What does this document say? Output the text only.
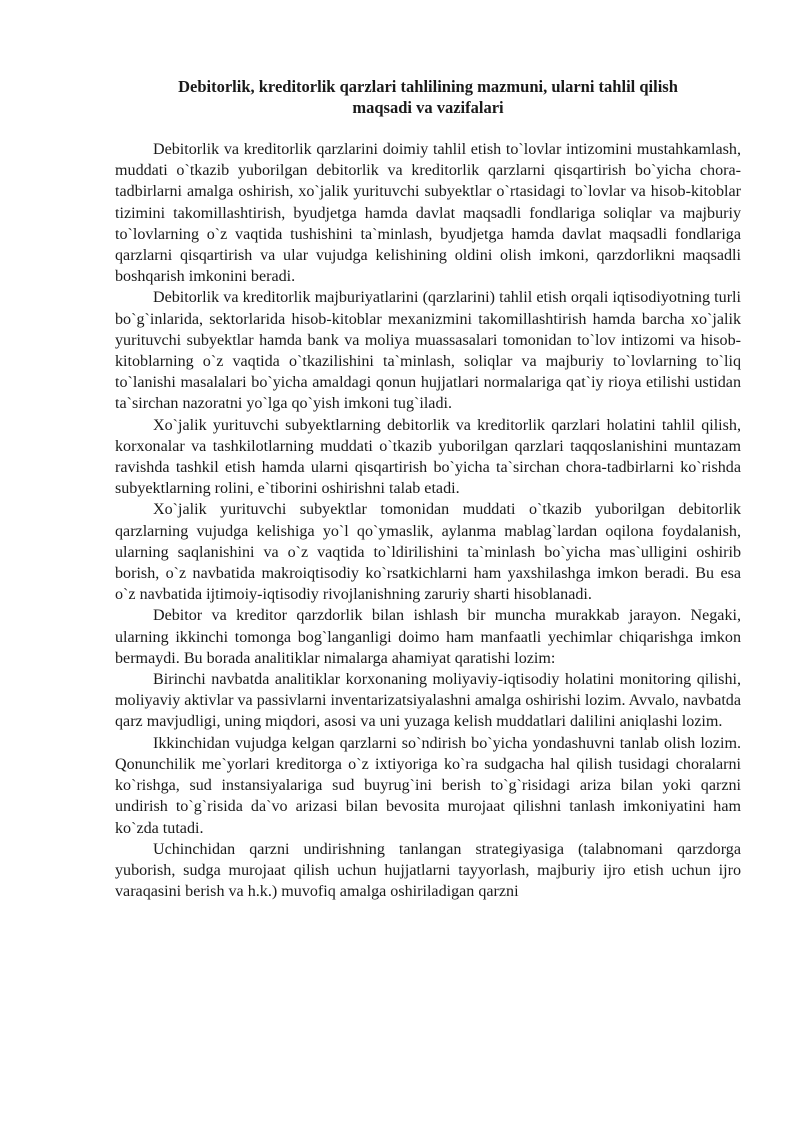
Debitorlik, kreditorlik qarzlari tahlilining mazmuni, ularni tahlil qilish
maqsadi va vazifalari

Debitorlik va kreditorlik qarzlarini doimiy tahlil etish to`lovlar intizomini mustahkamlash, muddati o`tkazib yuborilgan debitorlik va kreditorlik qarzlarni qisqartirish bo`yicha chora-tadbirlarni amalga oshirish, xo`jalik yurituvchi subyektlar o`rtasidagi to`lovlar va hisob-kitoblar tizimini takomillashtirish, byudjetga hamda davlat maqsadli fondlariga soliqlar va majburiy to`lovlarning o`z vaqtida tushishini ta`minlash, byudjetga hamda davlat maqsadli fondlariga qarzlarni qisqartirish va ular vujudga kelishining oldini olish imkoni, qarzdorlikni maqsadli boshqarish imkonini beradi.

Debitorlik va kreditorlik majburiyatlarini (qarzlarini) tahlil etish orqali iqtisodiyotning turli bo`g`inlarida, sektorlarida hisob-kitoblar mexanizmini takomillashtirish hamda barcha xo`jalik yurituvchi subyektlar hamda bank va moliya muassasalari tomonidan to`lov intizomi va hisob-kitoblarning o`z vaqtida o`tkazilishini ta`minlash, soliqlar va majburiy to`lovlarning to`liq to`lanishi masalalari bo`yicha amaldagi qonun hujjatlari normalariga qat`iy rioya etilishi ustidan ta`sirchan nazoratni yo`lga qo`yish imkoni tug`iladi.

Xo`jalik yurituvchi subyektlarning debitorlik va kreditorlik qarzlari holatini tahlil qilish, korxonalar va tashkilotlarning muddati o`tkazib yuborilgan qarzlari taqqoslanishini muntazam ravishda tashkil etish hamda ularni qisqartirish bo`yicha ta`sirchan chora-tadbirlarni ko`rishda subyektlarning rolini, e`tiborini oshirishni talab etadi.

Xo`jalik yurituvchi subyektlar tomonidan muddati o`tkazib yuborilgan debitorlik qarzlarning vujudga kelishiga yo`l qo`ymaslik, aylanma mablag`lardan oqilona foydalanish, ularning saqlanishini va o`z vaqtida to`ldirilishini ta`minlash bo`yicha mas`ulligini oshirib borish, o`z navbatida makroiqtisodiy ko`rsatkichlarni ham yaxshilashga imkon beradi. Bu esa o`z navbatida ijtimoiy-iqtisodiy rivojlanishning zaruriy sharti hisoblanadi.

Debitor va kreditor qarzdorlik bilan ishlash bir muncha murakkab jarayon. Negaki, ularning ikkinchi tomonga bog`langanligi doimo ham manfaatli yechimlar chiqarishga imkon bermaydi. Bu borada analitiklar nimalarga ahamiyat qaratishi lozim:

Birinchi navbatda analitiklar korxonaning moliyaviy-iqtisodiy holatini monitoring qilishi, moliyaviy aktivlar va passivlarni inventarizatsiyalashni amalga oshirishi lozim. Avvalo, navbatda qarz mavjudligi, uning miqdori, asosi va uni yuzaga kelish muddatlari dalilini aniqlashi lozim.

Ikkinchidan vujudga kelgan qarzlarni so`ndirish bo`yicha yondashuvni tanlab olish lozim. Qonunchilik me`yorlari kreditorga o`z ixtiyoriga ko`ra sudgacha hal qilish tusidagi choralarni ko`rishga, sud instansiyalariga sud buyrug`ini berish to`g`risidagi ariza bilan yoki qarzni undirish to`g`risida da`vo arizasi bilan bevosita murojaat qilishni tanlash imkoniyatini ham ko`zda tutadi.

Uchinchidan qarzni undirishning tanlangan strategiyasiga (talabnomani qarzdorga yuborish, sudga murojaat qilish uchun hujjatlarni tayyorlash, majburiy ijro etish uchun ijro varaqasini berish va h.k.) muvofiq amalga oshiriladigan qarzni
